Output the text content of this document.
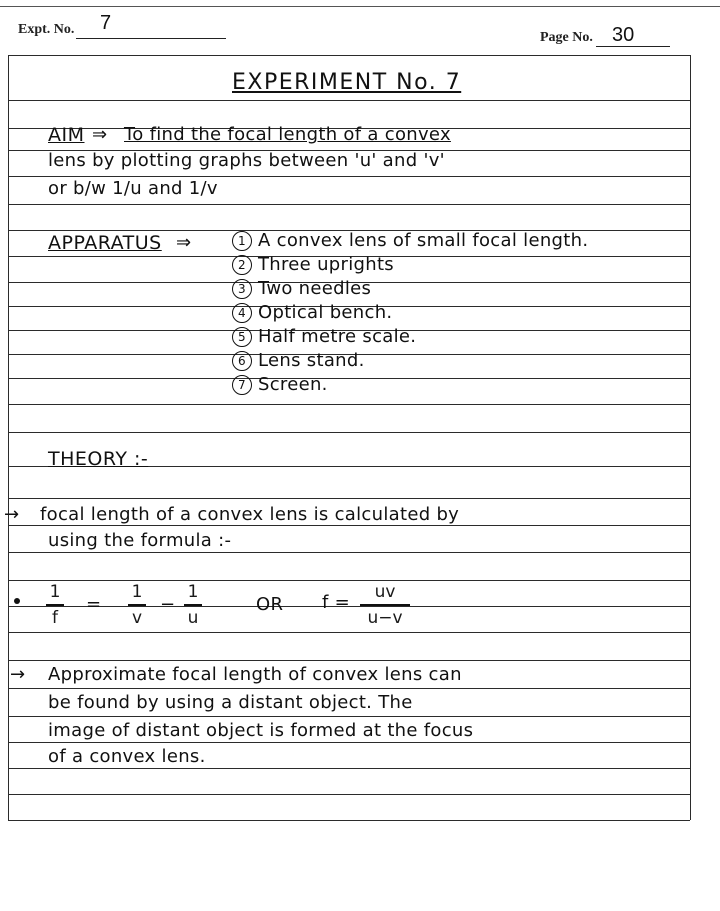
Expt. No. 7
Page No. 30
EXPERIMENT No. 7
AIM ⇒ To find the focal length of a convex
lens by plotting graphs between 'u' and 'v'
or b/w 1/u and 1/v
APPARATUS ⇒	1 A convex lens of small focal length.
2 Three uprights
3 Two needles
4 Optical bench.
5 Half metre scale.
6 Lens stand.
7 Screen.
THEORY :-
→ focal length of a convex lens is calculated by
using the formula :-
1
f
=
1
v
−
1
u
OR f =	uv
u−v
→ Approximate focal length of convex lens can
be found by using a distant object. The
image of distant object is formed at the focus
of a convex lens.
